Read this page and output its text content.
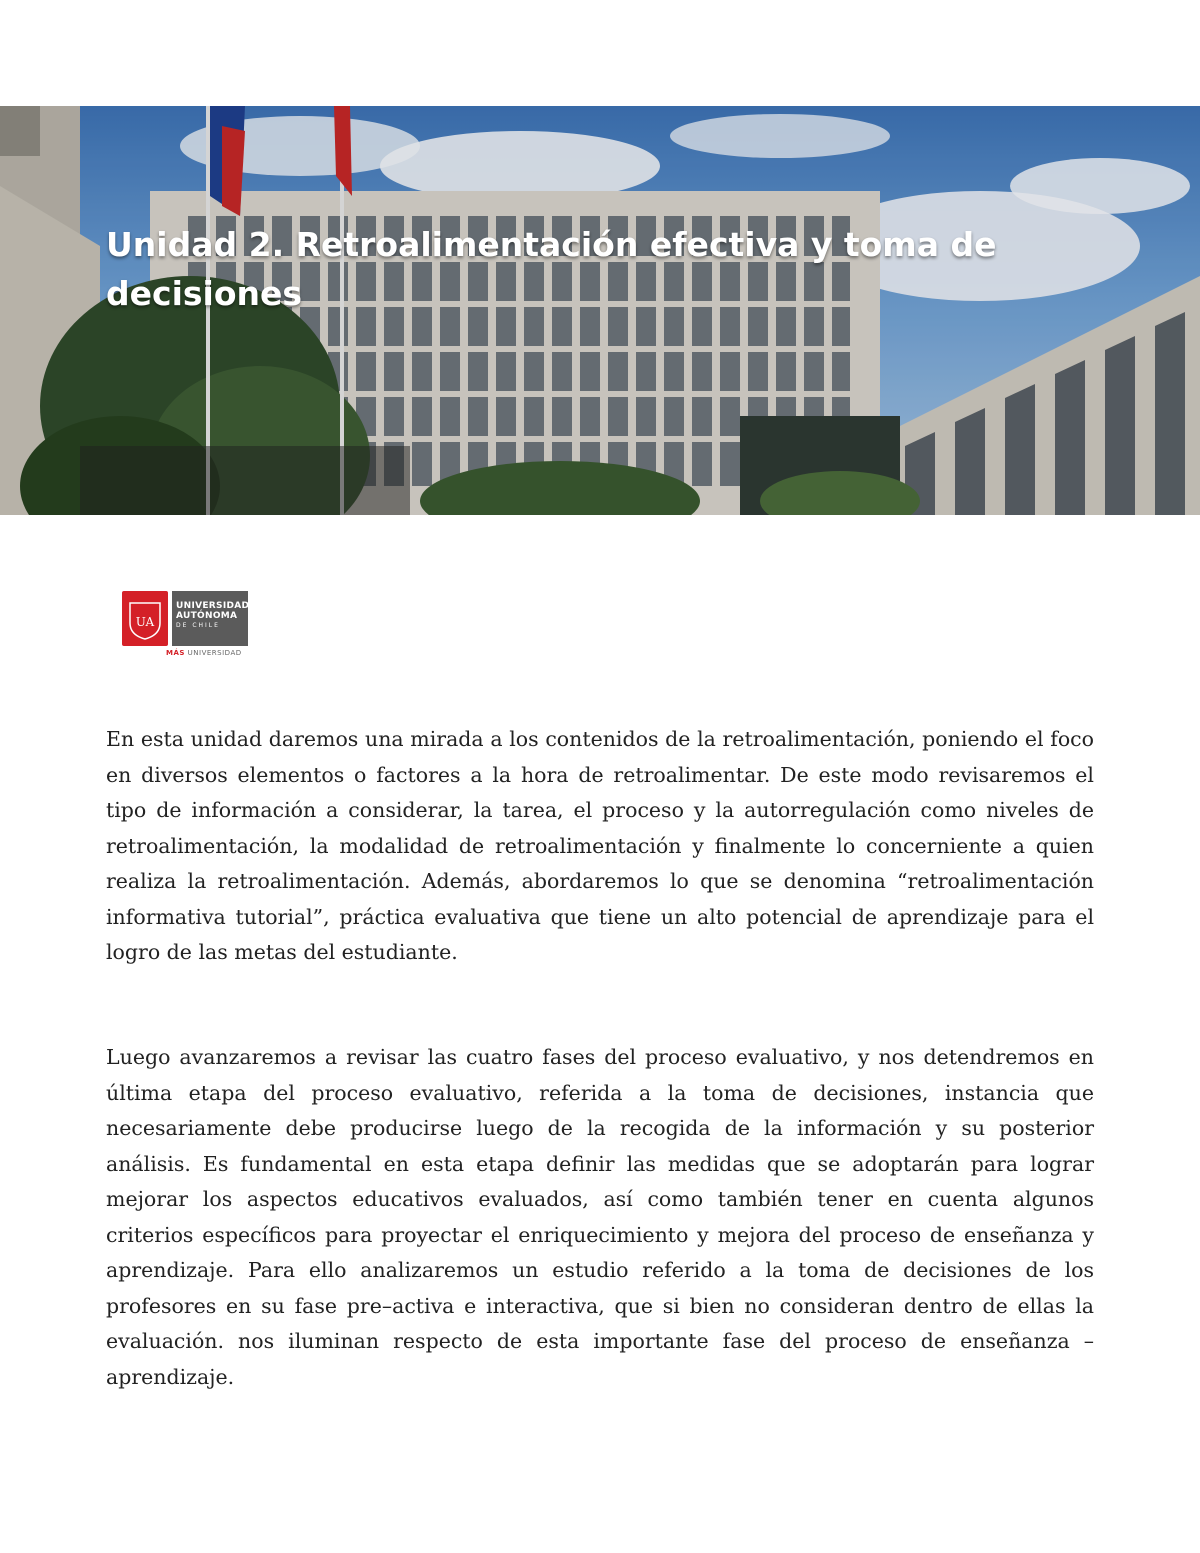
Unidad 2. Retroalimentación efectiva y toma de decisiones
UA
UNIVERSIDAD
AUTÓNOMA
DE CHILE
MÁS UNIVERSIDAD

En esta unidad daremos una mirada a los contenidos de la retroalimentación, poniendo el foco en diversos elementos o factores a la hora de retroalimentar. De este modo revisaremos el tipo de información a considerar, la tarea, el proceso y la autorregulación como niveles de retroalimentación, la modalidad de retroalimentación y finalmente lo concerniente a quien realiza la retroalimentación. Además, abordaremos lo que se denomina “retroalimentación informativa tutorial”, práctica evaluativa que tiene un alto potencial de aprendizaje para el logro de las metas del estudiante.

Luego avanzaremos a revisar las cuatro fases del proceso evaluativo, y nos detendremos en última etapa del proceso evaluativo, referida a la toma de decisiones, instancia que necesariamente debe producirse luego de la recogida de la información y su posterior análisis. Es fundamental en esta etapa definir las medidas que se adoptarán para lograr mejorar los aspectos educativos evaluados, así como también tener en cuenta algunos criterios específicos para proyectar el enriquecimiento y mejora del proceso de enseñanza y aprendizaje. Para ello analizaremos un estudio referido a la toma de decisiones de los profesores en su fase pre–activa e interactiva, que si bien no consideran dentro de ellas la evaluación. nos iluminan respecto de esta importante fase del proceso de enseñanza – aprendizaje.
